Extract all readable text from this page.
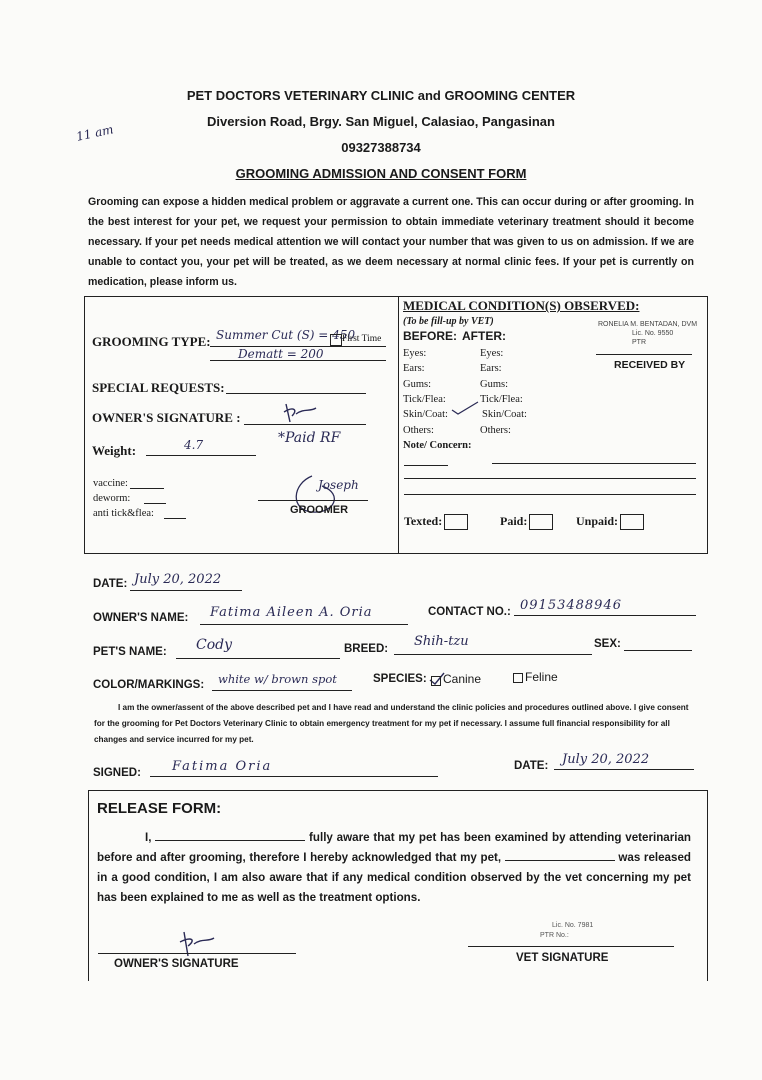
PET DOCTORS VETERINARY CLINIC and GROOMING CENTER
Diversion Road, Brgy. San Miguel, Calasiao, Pangasinan
09327388734
GROOMING ADMISSION AND CONSENT FORM
11 am
Grooming can expose a hidden medical problem or aggravate a current one. This can occur during or after grooming. In the best interest for your pet, we request your permission to obtain immediate veterinary treatment should it become necessary. If your pet needs medical attention we will contact your number that was given to us on admission. If we are unable to contact you, your pet will be treated, as we deem necessary at normal clinic fees. If your pet is currently on medication, please inform us.
GROOMING TYPE: Summer Cut (S) = 450
First Time
Dematt = 200
SPECIAL REQUESTS:
OWNER'S SIGNATURE :
Weight:	4.7	*Paid RF
vaccine:
deworm:
anti tick&flea:
Joseph
GROOMER
MEDICAL CONDITION(S) OBSERVED:
(To be fill-up by VET)
BEFORE: AFTER:
Eyes:	Eyes:
Ears:	Ears:
Gums:	Gums:
Tick/Flea:	Tick/Flea:
Skin/Coat:	Skin/Coat:
Others:	Others:
Note/ Concern:
RONELIA M. BENTADAN, DVM
Lic. No. 9550
PTR
RECEIVED BY
Texted:	Paid:	Unpaid:
DATE: July 20, 2022
OWNER'S NAME: Fatima Aileen A. Oria	CONTACT NO.: 09153488946
PET'S NAME: Cody	BREED: Shih-tzu	SEX:
COLOR/MARKINGS: white w/ brown spot	SPECIES: Canine	Feline
I am the owner/assent of the above described pet and I have read and understand the clinic policies and procedures outlined above. I give consent for the grooming for Pet Doctors Veterinary Clinic to obtain emergency treatment for my pet if necessary. I assume full financial responsibility for all changes and service incurred for my pet.
SIGNED: Fatima Oria	DATE: July 20, 2022
RELEASE FORM:
I,	fully aware that my pet has been examined by attending veterinarian before and after grooming, therefore I hereby acknowledged that my pet,	was released in a good condition, I am also aware that if any medical condition observed by the vet concerning my pet has been explained to me as well as the treatment options.
OWNER'S SIGNATURE
Lic. No. 7981
PTR No.:
VET SIGNATURE
